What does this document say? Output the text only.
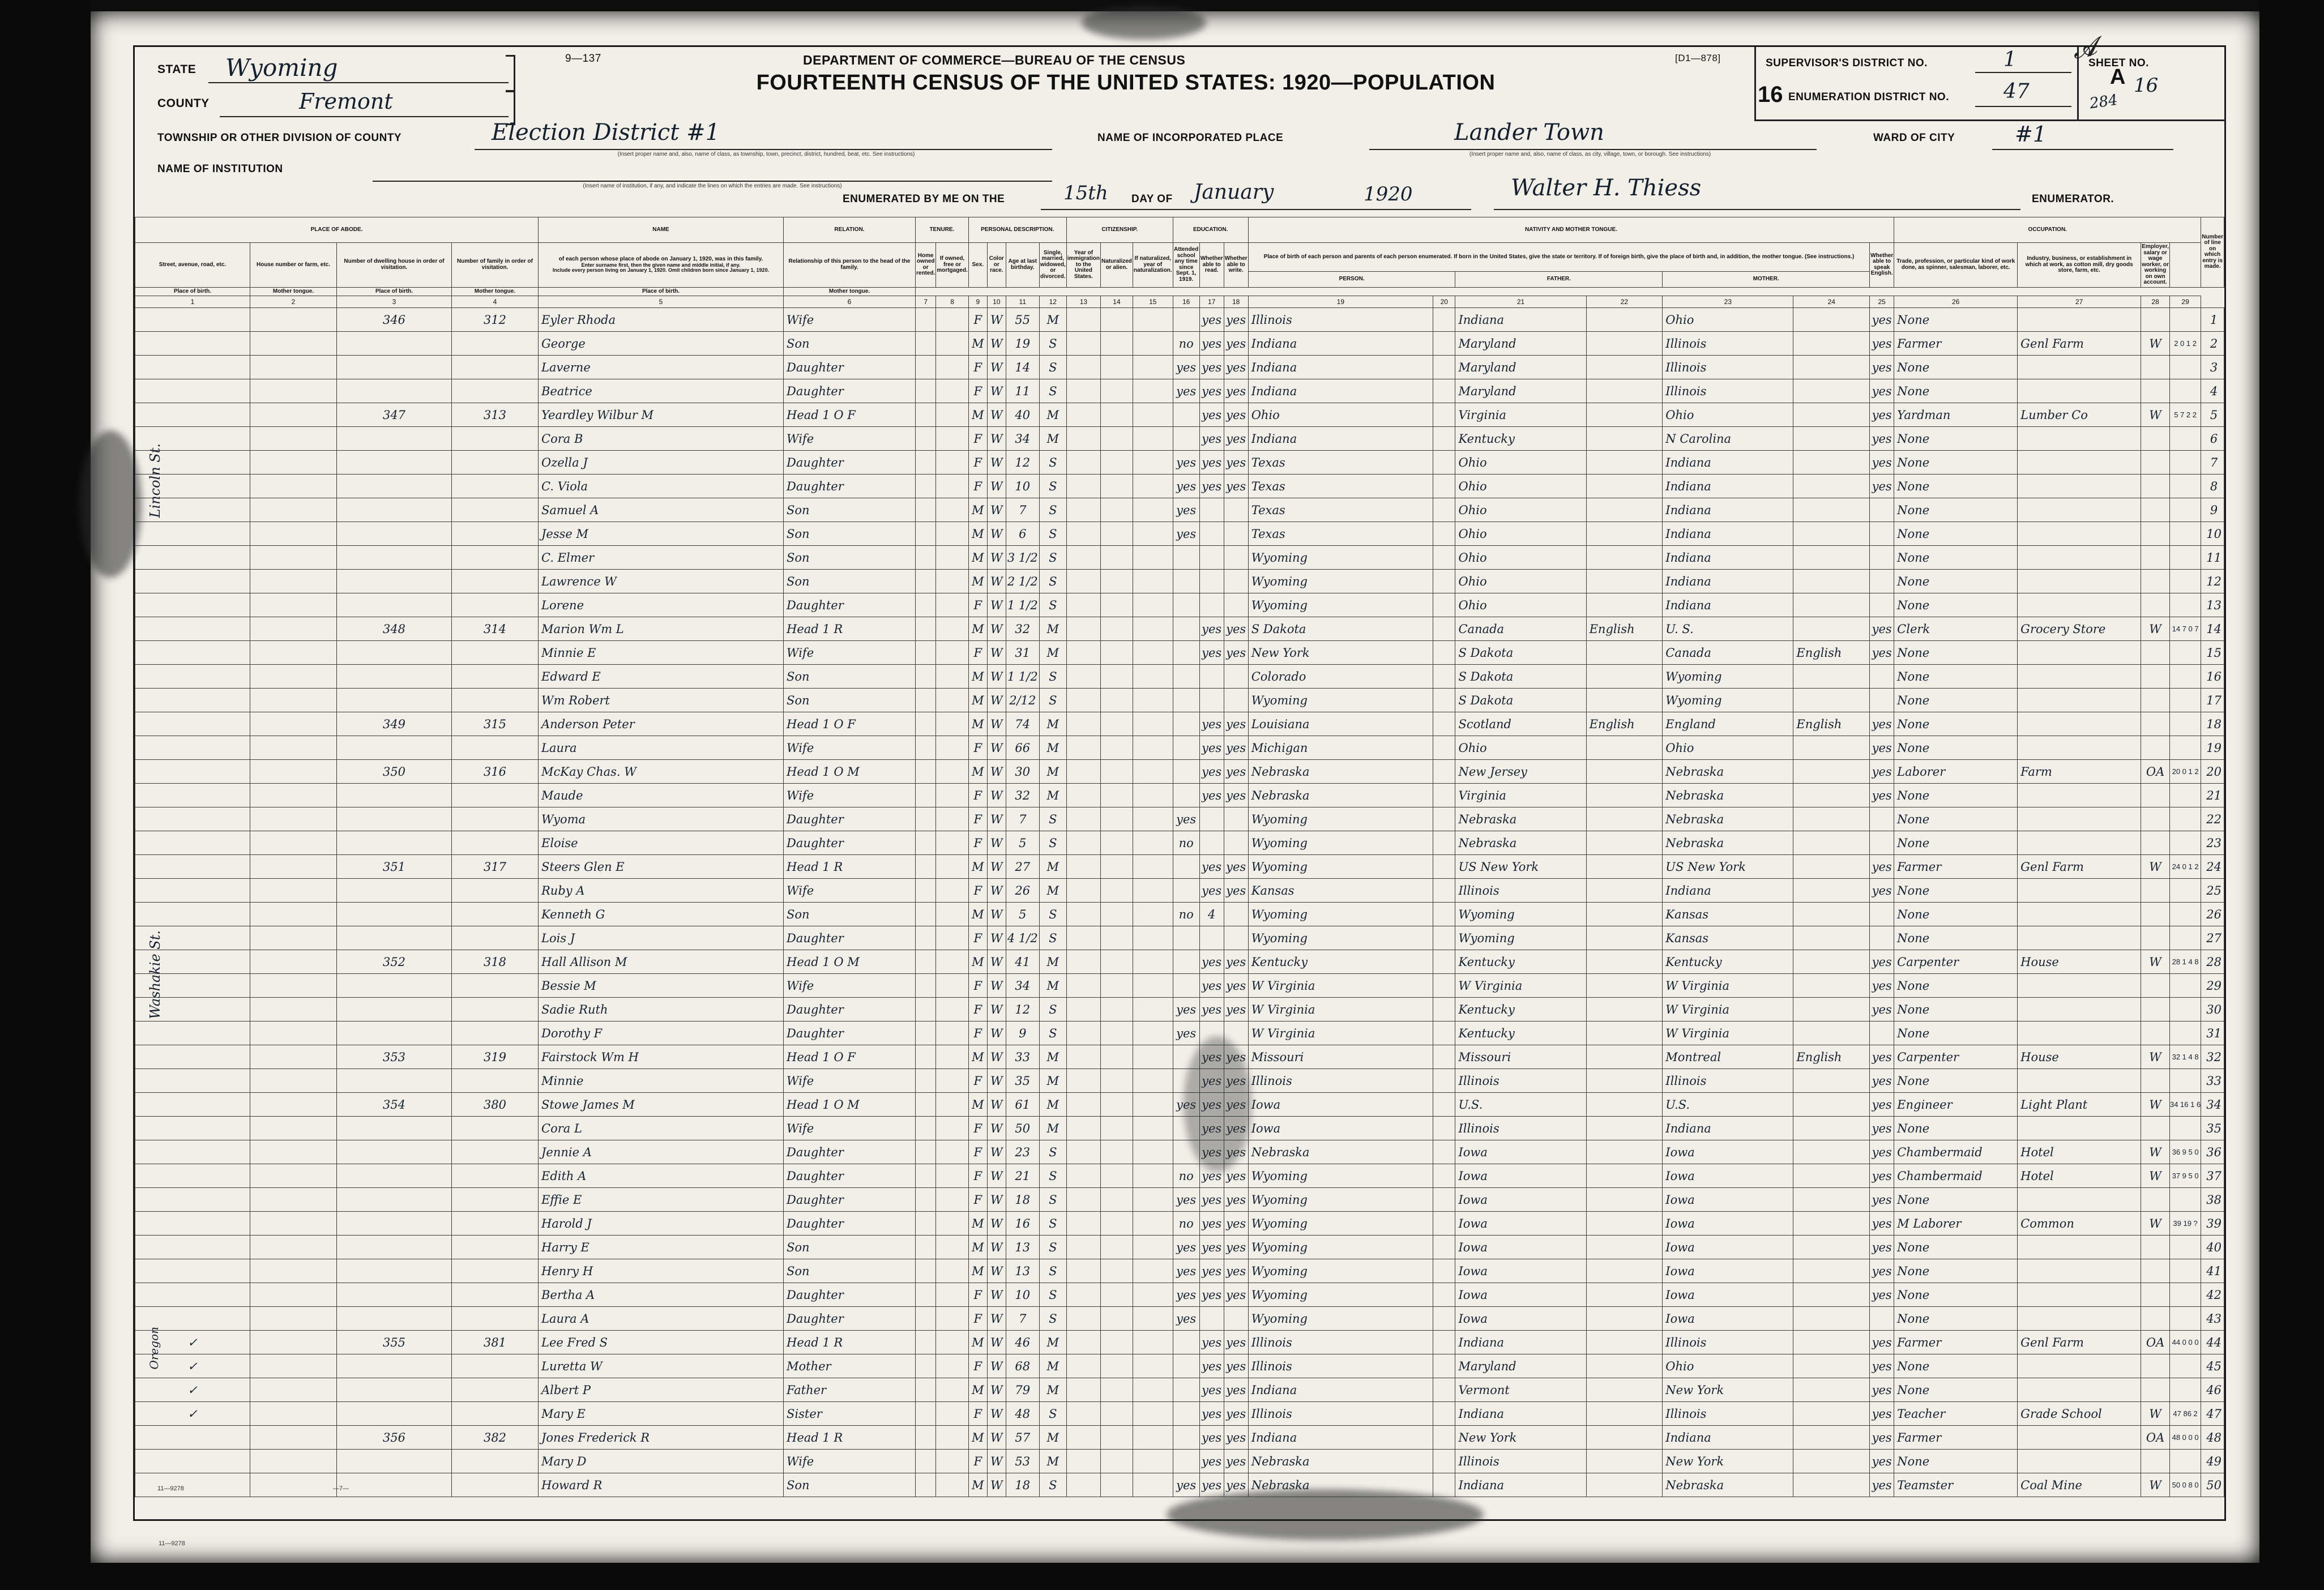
284
A
𝓐
9—137	DEPARTMENT OF COMMERCE—BUREAU OF THE CENSUS	[D1—878]
FOURTEENTH CENSUS OF THE UNITED STATES: 1920—POPULATION
STATE Wyoming
COUNTY	Fremont
TOWNSHIP OR OTHER DIVISION OF COUNTY	Election District #1
(Insert proper name and, also, name of class, as township, town, precinct, district, hundred, beat, etc. See instructions)
NAME OF INSTITUTION
(Insert name of institution, if any, and indicate the lines on which the entries are made. See instructions)
NAME OF INCORPORATED PLACE	Lander Town
(Insert proper name and, also, name of class, as city, village, town, or borough. See instructions)
WARD OF CITY	#1
SUPERVISOR'S DISTRICT NO.	1	SHEET NO.
16
ENUMERATION DISTRICT NO.
16	47
ENUMERATED BY ME ON THE	15th DAY OF January	1920	Walter H. Thiess	ENUMERATOR.
PLACE OF ABODE.				NAME	RELATION.	TENURE.		PERSONAL DESCRIPTION.				CITIZENSHIP.			EDUCATION.			NATIVITY AND MOTHER TONGUE.							OCCUPATION.				Number of line on which entry is made.
Street, avenue, road, etc.	House number or farm, etc.	Number of dwelling house in order of visitation.	Number of family in order of visitation.	
of each person whose place of abode on January 1, 1920, was in this family.
Enter surname first, then the given name and middle initial, if any.
Include every person living on January 1, 1920. Omit children born since January 1, 1920.
	Relationship of this person to the head of the family.	Home owned or rented.	If owned, free or mortgaged.	Sex.	Color or race.	Age at last birthday.	Single, married, widowed, or divorced.	Year of immigration to the United States.	Naturalized or alien.	If naturalized, year of naturalization.	Attended school any time since Sept. 1, 1919.	Whether able to read.	Whether able to write.	Place of birth of each person and parents of each person enumerated. If born in the United States, give the state or territory. If of foreign birth, give the place of birth and, in addition, the mother tongue. (See instructions.)	Whether able to speak English.	Trade, profession, or particular kind of work done, as spinner, salesman, laborer, etc.	Industry, business, or establishment in which at work, as cotton mill, dry goods store, farm, etc.	Employer, salary or wage worker, or working on own account.	
																		PERSON.		FATHER.		MOTHER.							
Place of birth.	Mother tongue.	Place of birth.	Mother tongue.	Place of birth.	Mother tongue.																								
1	2	3	4	5	6	7	8	9	10	11	12	13	14	15	16	17	18	19	20	21	22	23	24	25	26	27	28	29	
		346	312	Eyler Rhoda	Wife			F	W	55	M					yes	yes	Illinois		Indiana		Ohio		yes	None				1
				George	Son			M	W	19	S				no	yes	yes	Indiana		Maryland		Illinois		yes	Farmer	Genl Farm	W	2 0 1 2	2
				Laverne	Daughter			F	W	14	S				yes	yes	yes	Indiana		Maryland		Illinois		yes	None				3
				Beatrice	Daughter			F	W	11	S				yes	yes	yes	Indiana		Maryland		Illinois		yes	None				4
		347	313	Yeardley Wilbur M	Head 1 O F			M	W	40	M					yes	yes	Ohio		Virginia		Ohio		yes	Yardman	Lumber Co	W	5 7 2 2	5
				Cora B	Wife			F	W	34	M					yes	yes	Indiana		Kentucky		N Carolina		yes	None				6
				Ozella J	Daughter			F	W	12	S				yes	yes	yes	Texas		Ohio		Indiana		yes	None				7
				C. Viola	Daughter			F	W	10	S				yes	yes	yes	Texas		Ohio		Indiana		yes	None				8
				Samuel A	Son			M	W	7	S				yes			Texas		Ohio		Indiana			None				9
				Jesse M	Son			M	W	6	S				yes			Texas		Ohio		Indiana			None				10
				C. Elmer	Son			M	W	3 1/2	S							Wyoming		Ohio		Indiana			None				11
				Lawrence W	Son			M	W	2 1/2	S							Wyoming		Ohio		Indiana			None				12
				Lorene	Daughter			F	W	1 1/2	S							Wyoming		Ohio		Indiana			None				13
		348	314	Marion Wm L	Head 1 R			M	W	32	M					yes	yes	S Dakota		Canada	English	U. S.		yes	Clerk	Grocery Store	W	14 7 0 7	14
				Minnie E	Wife			F	W	31	M					yes	yes	New York		S Dakota		Canada	English	yes	None				15
				Edward E	Son			M	W	1 1/2	S							Colorado		S Dakota		Wyoming			None				16
				Wm Robert	Son			M	W	2/12	S							Wyoming		S Dakota		Wyoming			None				17
		349	315	Anderson Peter	Head 1 O F			M	W	74	M					yes	yes	Louisiana		Scotland	English	England	English	yes	None				18
				Laura	Wife			F	W	66	M					yes	yes	Michigan		Ohio		Ohio		yes	None				19
		350	316	McKay Chas. W	Head 1 O M			M	W	30	M					yes	yes	Nebraska		New Jersey		Nebraska		yes	Laborer	Farm	OA	20 0 1 2	20
				Maude	Wife			F	W	32	M					yes	yes	Nebraska		Virginia		Nebraska		yes	None				21
				Wyoma	Daughter			F	W	7	S				yes			Wyoming		Nebraska		Nebraska			None				22
				Eloise	Daughter			F	W	5	S				no			Wyoming		Nebraska		Nebraska			None				23
		351	317	Steers Glen E	Head 1 R			M	W	27	M					yes	yes	Wyoming		US New York		US New York		yes	Farmer	Genl Farm	W	24 0 1 2	24
				Ruby A	Wife			F	W	26	M					yes	yes	Kansas		Illinois		Indiana		yes	None				25
				Kenneth G	Son			M	W	5	S				no	4		Wyoming		Wyoming		Kansas			None				26
				Lois J	Daughter			F	W	4 1/2	S							Wyoming		Wyoming		Kansas			None				27
		352	318	Hall Allison M	Head 1 O M			M	W	41	M					yes	yes	Kentucky		Kentucky		Kentucky		yes	Carpenter	House	W	28 1 4 8	28
				Bessie M	Wife			F	W	34	M					yes	yes	W Virginia		W Virginia		W Virginia		yes	None				29
				Sadie Ruth	Daughter			F	W	12	S				yes	yes	yes	W Virginia		Kentucky		W Virginia		yes	None				30
				Dorothy F	Daughter			F	W	9	S				yes			W Virginia		Kentucky		W Virginia			None				31
		353	319	Fairstock Wm H	Head 1 O F			M	W	33	M					yes	yes	Missouri		Missouri		Montreal	English	yes	Carpenter	House	W	32 1 4 8	32
				Minnie	Wife			F	W	35	M					yes	yes	Illinois		Illinois		Illinois		yes	None				33
		354	380	Stowe James M	Head 1 O M			M	W	61	M				yes	yes	yes	Iowa		U.S.		U.S.		yes	Engineer	Light Plant	W	34 16 1 6	34
				Cora L	Wife			F	W	50	M					yes	yes	Iowa		Illinois		Indiana		yes	None				35
				Jennie A	Daughter			F	W	23	S					yes	yes	Nebraska		Iowa		Iowa		yes	Chambermaid	Hotel	W	36 9 5 0	36
				Edith A	Daughter			F	W	21	S				no	yes	yes	Wyoming		Iowa		Iowa		yes	Chambermaid	Hotel	W	37 9 5 0	37
				Effie E	Daughter			F	W	18	S				yes	yes	yes	Wyoming		Iowa		Iowa		yes	None				38
				Harold J	Daughter			M	W	16	S				no	yes	yes	Wyoming		Iowa		Iowa		yes	M Laborer	Common	W	39 19 ?	39
				Harry E	Son			M	W	13	S				yes	yes	yes	Wyoming		Iowa		Iowa		yes	None				40
				Henry H	Son			M	W	13	S				yes	yes	yes	Wyoming		Iowa		Iowa		yes	None				41
				Bertha A	Daughter			F	W	10	S				yes	yes	yes	Wyoming		Iowa		Iowa		yes	None				42
				Laura A	Daughter			F	W	7	S				yes			Wyoming		Iowa		Iowa			None				43
✓		355	381	Lee Fred S	Head 1 R			M	W	46	M					yes	yes	Illinois		Indiana		Illinois		yes	Farmer	Genl Farm	OA	44 0 0 0	44
✓				Luretta W	Mother			F	W	68	M					yes	yes	Illinois		Maryland		Ohio		yes	None				45
✓				Albert P	Father			M	W	79	M					yes	yes	Indiana		Vermont		New York		yes	None				46
✓				Mary E	Sister			F	W	48	S					yes	yes	Illinois		Indiana		Illinois		yes	Teacher	Grade School	W	47 86 2	47
		356	382	Jones Frederick R	Head 1 R			M	W	57	M					yes	yes	Indiana		New York		Indiana		yes	Farmer		OA	48 0 0 0	48
				Mary D	Wife			F	W	53	M					yes	yes	Nebraska		Illinois		New York		yes	None				49
				Howard R	Son			M	W	18	S				yes	yes	yes	Nebraska		Indiana		Nebraska		yes	Teamster	Coal Mine	W	50 0 8 0	50
Lincoln St.
Washakie St.
Oregon
11—9278	—7—
11—9278
